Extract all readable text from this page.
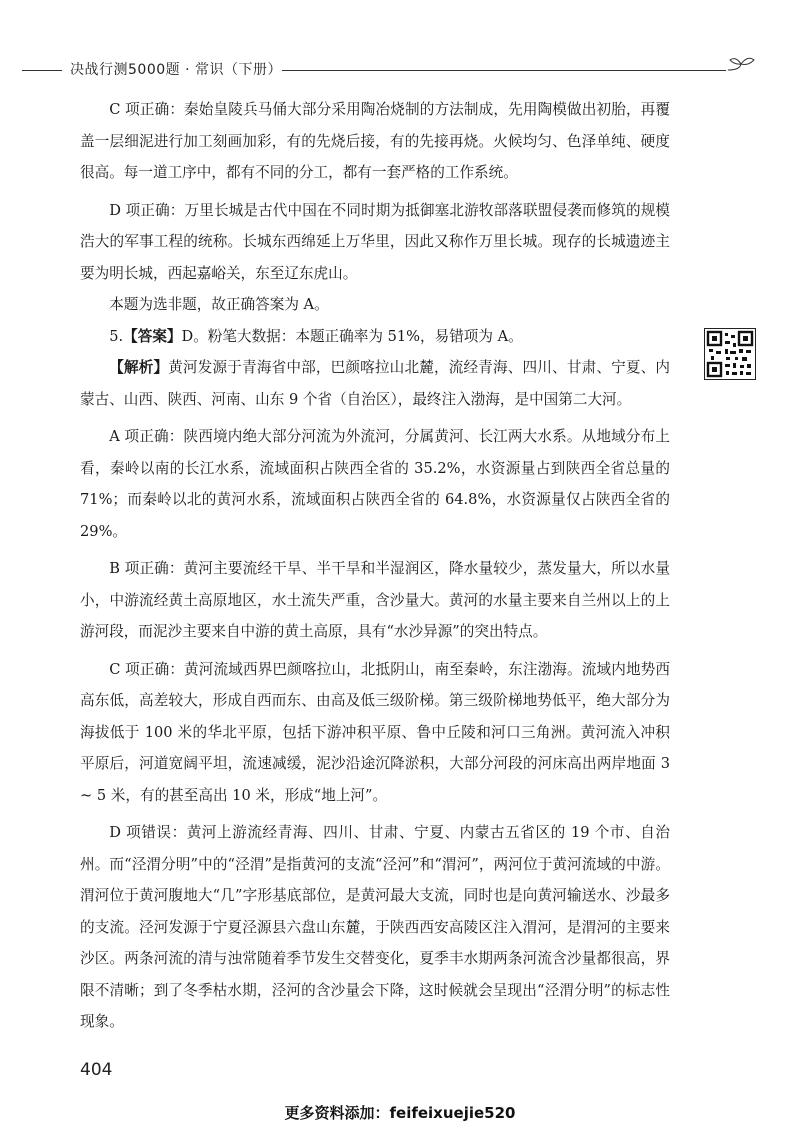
决战行测5000题 · 常识（下册）

C 项正确：秦始皇陵兵马俑大部分采用陶冶烧制的方法制成，先用陶模做出初胎，再覆盖一层细泥进行加工刻画加彩，有的先烧后接，有的先接再烧。火候均匀、色泽单纯、硬度很高。每一道工序中，都有不同的分工，都有一套严格的工作系统。

D 项正确：万里长城是古代中国在不同时期为抵御塞北游牧部落联盟侵袭而修筑的规模浩大的军事工程的统称。长城东西绵延上万华里，因此又称作万里长城。现存的长城遗迹主要为明长城，西起嘉峪关，东至辽东虎山。

本题为选非题，故正确答案为 A。

5.【答案】D。粉笔大数据：本题正确率为 51%，易错项为 A。

【解析】黄河发源于青海省中部，巴颜喀拉山北麓，流经青海、四川、甘肃、宁夏、内蒙古、山西、陕西、河南、山东 9 个省（自治区），最终注入渤海，是中国第二大河。

A 项正确：陕西境内绝大部分河流为外流河，分属黄河、长江两大水系。从地域分布上看，秦岭以南的长江水系，流域面积占陕西全省的 35.2%，水资源量占到陕西全省总量的 71%；而秦岭以北的黄河水系，流域面积占陕西全省的 64.8%，水资源量仅占陕西全省的 29%。

B 项正确：黄河主要流经干旱、半干旱和半湿润区，降水量较少，蒸发量大，所以水量小，中游流经黄土高原地区，水土流失严重，含沙量大。黄河的水量主要来自兰州以上的上游河段，而泥沙主要来自中游的黄土高原，具有“水沙异源”的突出特点。

C 项正确：黄河流域西界巴颜喀拉山，北抵阴山，南至秦岭，东注渤海。流域内地势西高东低，高差较大，形成自西而东、由高及低三级阶梯。第三级阶梯地势低平，绝大部分为海拔低于 100 米的华北平原，包括下游冲积平原、鲁中丘陵和河口三角洲。黄河流入冲积平原后，河道宽阔平坦，流速减缓，泥沙沿途沉降淤积，大部分河段的河床高出两岸地面 3 ~ 5 米，有的甚至高出 10 米，形成“地上河”。

D 项错误：黄河上游流经青海、四川、甘肃、宁夏、内蒙古五省区的 19 个市、自治州。而“泾渭分明”中的“泾渭”是指黄河的支流“泾河”和“渭河”，两河位于黄河流域的中游。渭河位于黄河腹地大“几”字形基底部位，是黄河最大支流，同时也是向黄河输送水、沙最多的支流。泾河发源于宁夏泾源县六盘山东麓，于陕西西安高陵区注入渭河，是渭河的主要来沙区。两条河流的清与浊常随着季节发生交替变化，夏季丰水期两条河流含沙量都很高，界限不清晰；到了冬季枯水期，泾河的含沙量会下降，这时候就会呈现出“泾渭分明”的标志性现象。

404
更多资料添加：feifeixuejie520
